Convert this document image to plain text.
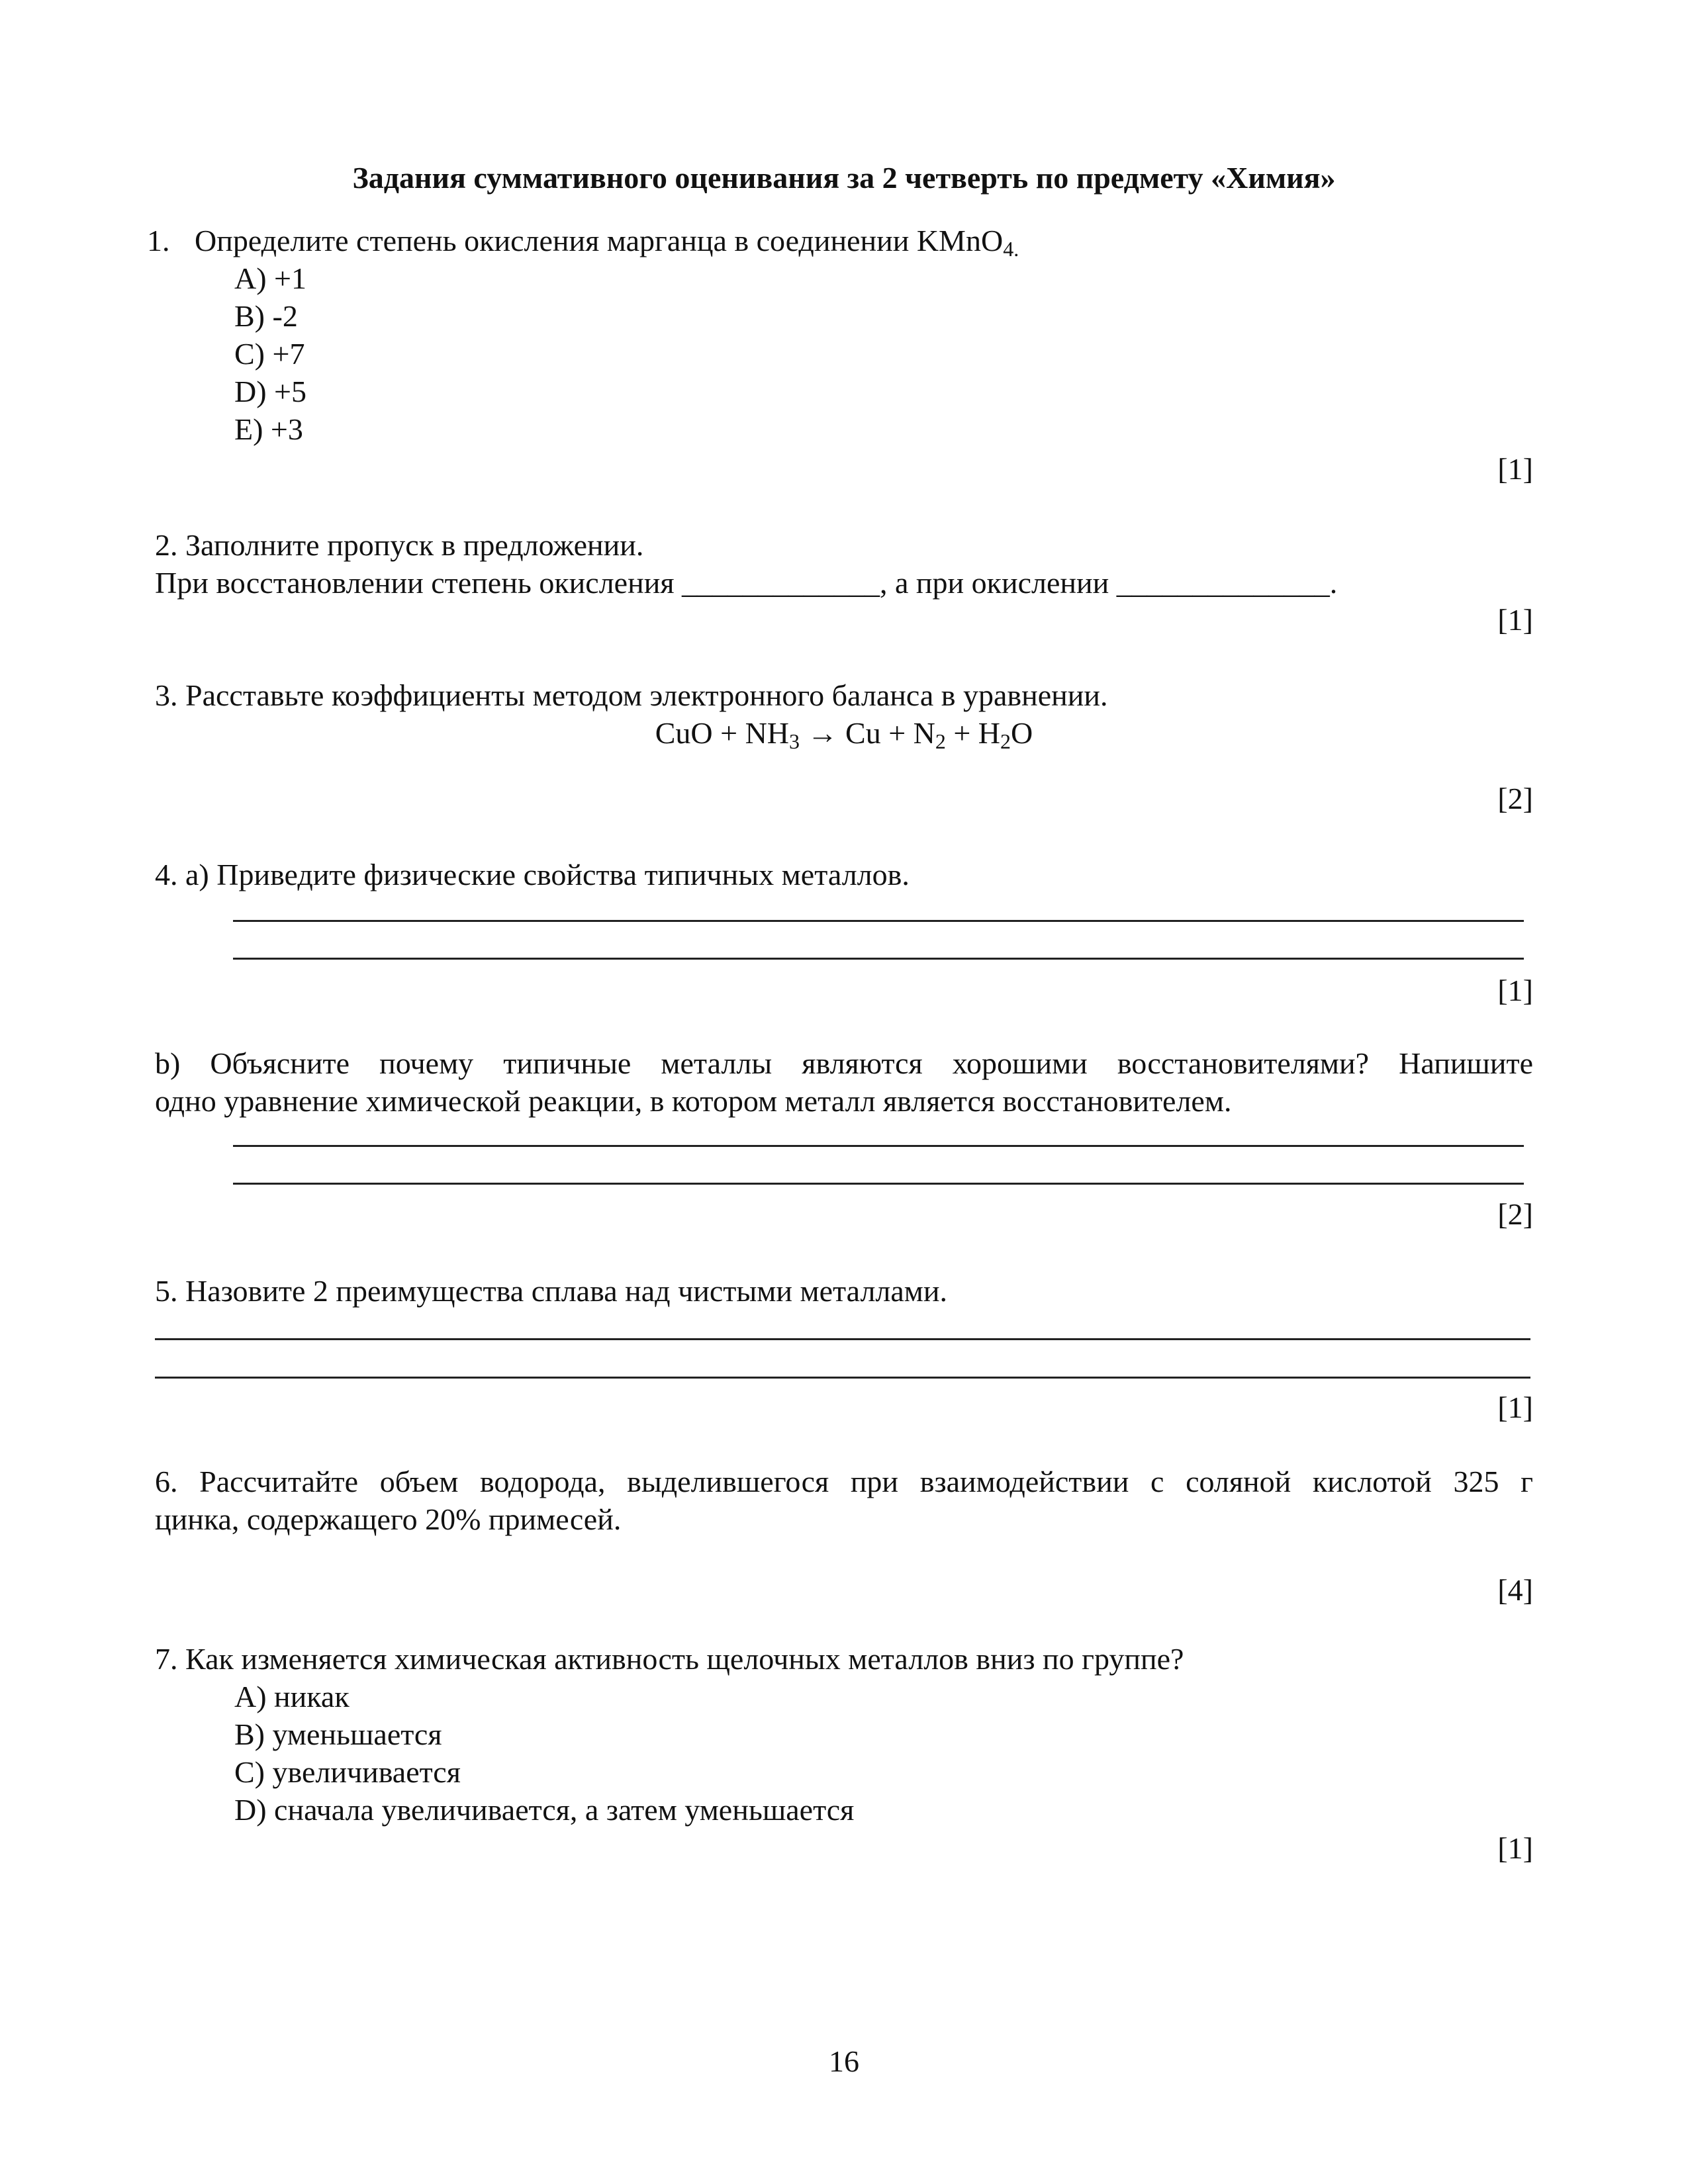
Задания суммативного оценивания за 2 четверть по предмету «Химия»
1. Определите степень окисления марганца в соединении KMnO$_{4.}$
A) +1
B) -2
C) +7
D) +5
E) +3
[1]
2. Заполните пропуск в предложении.
При восстановлении степень окисления _____________, а при окислении ______________.
[1]
3. Расставьте коэффициенты методом электронного баланса в уравнении.
CuO + $NH_3 \to Cu + N_2 + H_2O$
[2]
4. a) Приведите физические свойства типичных металлов.
[1]
b) Объясните почему типичные металлы являются хорошими восстановителями? Напишите
одно уравнение химической реакции, в котором металл является восстановителем.
[2]
5. Назовите 2 преимущества сплава над чистыми металлами.
[1]
6. Рассчитайте объем водорода, выделившегося при взаимодействии с соляной кислотой 325 г
цинка, содержащего 20% примесей.
[4]
7. Как изменяется химическая активность щелочных металлов вниз по группе?
A) никак
B) уменьшается
C) увеличивается
D) сначала увеличивается, а затем уменьшается
[1]
16
